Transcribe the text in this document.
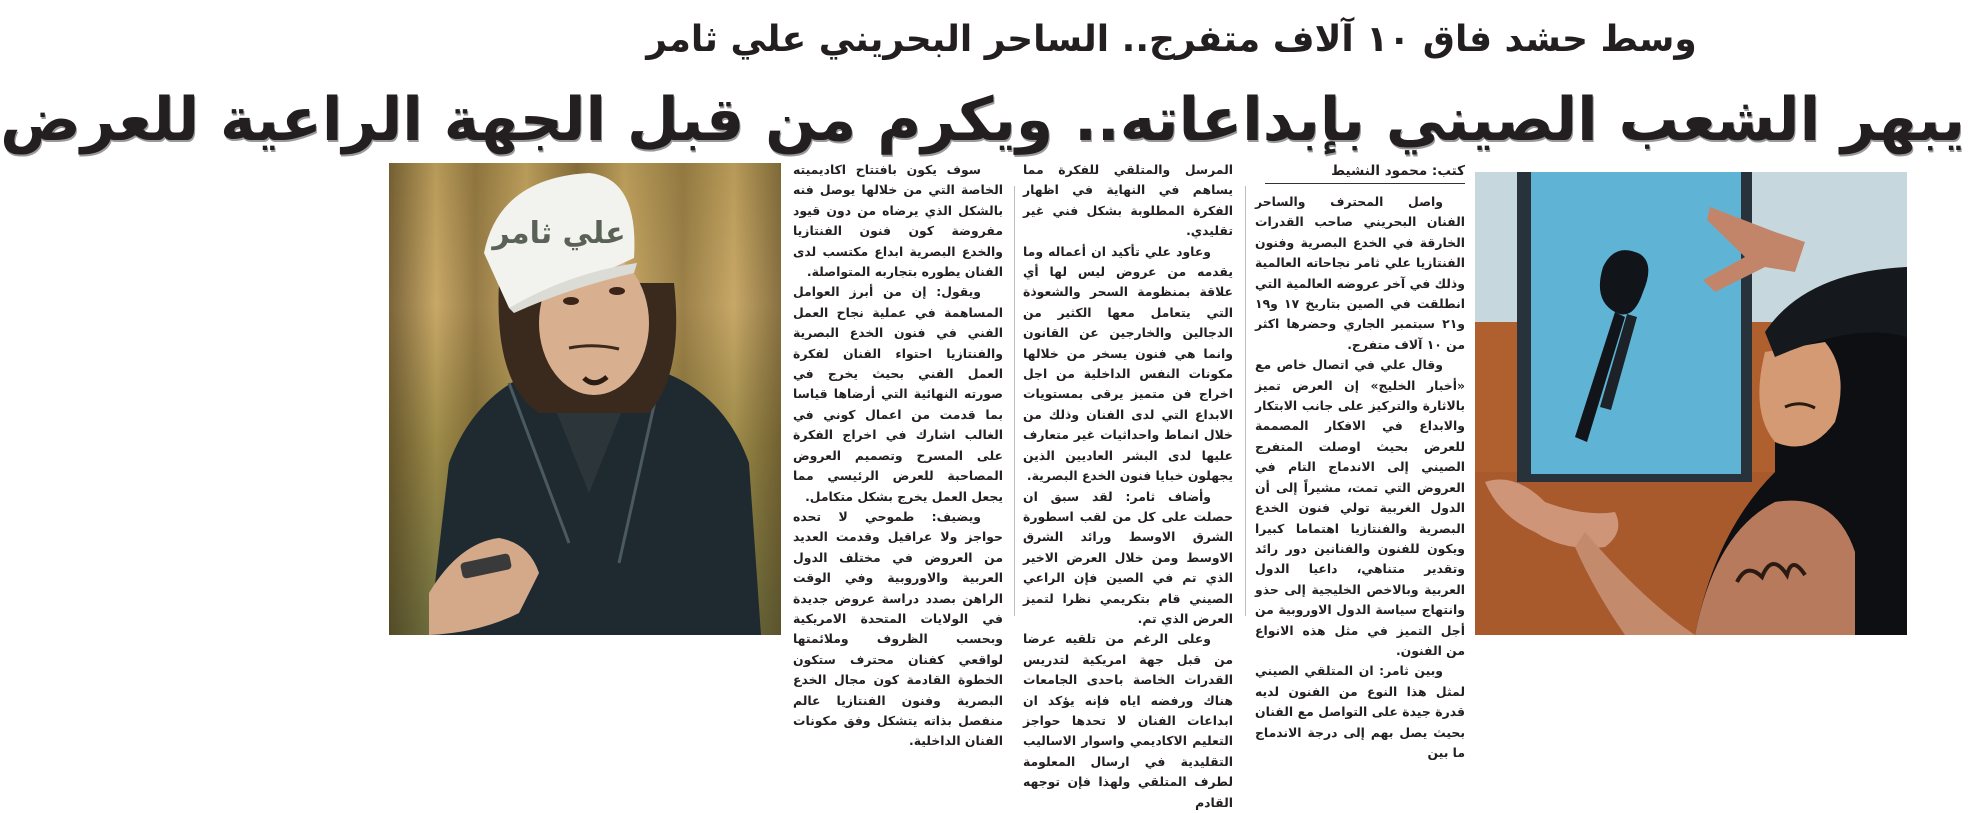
وسط حشد فاق ١٠ آلاف متفرج.. الساحر البحريني علي ثامر
يبهر الشعب الصيني بإبداعاته.. ويكرم من قبل الجهة الراعية للعرض
علي ثامر

سوف يكون بافتتاح اكاديميته الخاصة التي من خلالها يوصل فنه بالشكل الذي يرضاه من دون قيود مفروضة كون فنون الفنتازيا والخدع البصرية ابداع مكتسب لدى الفنان يطوره بتجاربه المتواصلة.

ويقول: إن من أبرز العوامل المساهمة في عملية نجاح العمل الفني في فنون الخدع البصرية والفنتازيا احتواء الفنان لفكرة العمل الفني بحيث يخرج في صورته النهائية التي أرضاها قياسا بما قدمت من اعمال كوني في الغالب اشارك في اخراج الفكرة على المسرح وتصميم العروض المصاحبة للعرض الرئيسي مما يجعل العمل يخرج بشكل متكامل.

ويضيف: طموحي لا تحده حواجز ولا عراقيل وقدمت العديد من العروض في مختلف الدول العربية والاوروبية وفي الوقت الراهن بصدد دراسة عروض جديدة في الولايات المتحدة الامريكية وبحسب الظروف وملائمتها لواقعي كفنان محترف ستكون الخطوة القادمة كون مجال الخدع البصرية وفنون الفنتازيا عالم منفصل بذاته يتشكل وفق مكونات الفنان الداخلية.

المرسل والمتلقي للفكرة مما يساهم في النهاية في اظهار الفكرة المطلوبة بشكل فني غير تقليدي.

وعاود علي تأكيد ان أعماله وما يقدمه من عروض ليس لها أي علاقة بمنظومة السحر والشعوذة التي يتعامل معها الكثير من الدجالين والخارجين عن القانون وانما هي فنون يسخر من خلالها مكونات النفس الداخلية من اجل اخراج فن متميز يرقى بمستويات الابداع التي لدى الفنان وذلك من خلال انماط واحداثيات غير متعارف عليها لدى البشر العاديين الذين يجهلون خبايا فنون الخدع البصرية.

وأضاف ثامر: لقد سبق ان حصلت على كل من لقب اسطورة الشرق الاوسط ورائد الشرق الاوسط ومن خلال العرض الاخير الذي تم في الصين فإن الراعي الصيني قام بتكريمي نظرا لتميز العرض الذي تم.

وعلى الرغم من تلقيه عرضا من قبل جهة امريكية لتدريس القدرات الخاصة باحدى الجامعات هناك ورفضه اياه فإنه يؤكد ان ابداعات الفنان لا تحدها حواجز التعليم الاكاديمي واسوار الاساليب التقليدية في ارسال المعلومة لطرف المتلقي ولهذا فإن توجهه القادم

كتب: محمود النشيط

واصل المحترف والساحر الفنان البحريني صاحب القدرات الخارقة في الخدع البصرية وفنون الفنتازيا علي ثامر نجاحاته العالمية وذلك في آخر عروضه العالمية التي انطلقت في الصين بتاريخ ١٧ و١٩ و٢١ سبتمبر الجاري وحضرها اكثر من ١٠ آلاف متفرج.

وقال علي في اتصال خاص مع «أخبار الخليج» إن العرض تميز بالاثارة والتركيز على جانب الابتكار والابداع في الافكار المصممة للعرض بحيث اوصلت المتفرج الصيني إلى الاندماج التام في العروض التي تمت، مشيراً إلى أن الدول الغربية تولي فنون الخدع البصرية والفنتازيا اهتماما كبيرا ويكون للفنون والفنانين دور رائد وتقدير متناهي، داعيا الدول العربية وبالاخص الخليجية إلى حذو وانتهاج سياسة الدول الاوروبية من أجل التميز في مثل هذه الانواع من الفنون.

وبين ثامر: ان المتلقي الصيني لمثل هذا النوع من الفنون لديه قدرة جيدة على التواصل مع الفنان بحيث يصل بهم إلى درجة الاندماج ما بين
